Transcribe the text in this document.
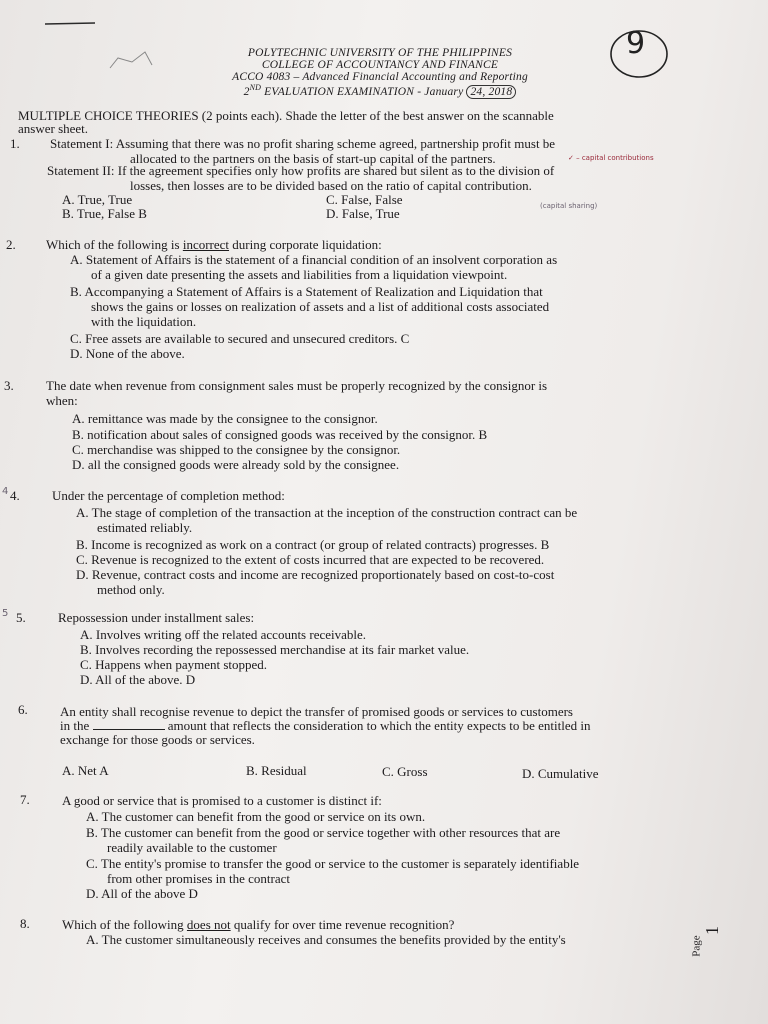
9
POLYTECHNIC UNIVERSITY OF THE PHILIPPINES
COLLEGE OF ACCOUNTANCY AND FINANCE
ACCO 4083 – Advanced Financial Accounting and Reporting
2ND EVALUATION EXAMINATION - January 24, 2018
MULTIPLE CHOICE THEORIES (2 points each). Shade the letter of the best answer on the scannable
answer sheet.
1. Statement I: Assuming that there was no profit sharing scheme agreed, partnership profit must be
allocated to the partners on the basis of start-up capital of the partners.	✓ – capital contributions
Statement II: If the agreement specifies only how profits are shared but silent as to the division of
losses, then losses are to be divided based on the ratio of capital contribution.
A. True, True
B. True, False B
C. False, False
D. False, True	(capital sharing)
2. Which of the following is incorrect during corporate liquidation:
A. Statement of Affairs is the statement of a financial condition of an insolvent corporation as
of a given date presenting the assets and liabilities from a liquidation viewpoint.
B. Accompanying a Statement of Affairs is a Statement of Realization and Liquidation that
shows the gains or losses on realization of assets and a list of additional costs associated
with the liquidation.
C. Free assets are available to secured and unsecured creditors. C
D. None of the above.
3. The date when revenue from consignment sales must be properly recognized by the consignor is
when:
A. remittance was made by the consignee to the consignor.
B. notification about sales of consigned goods was received by the consignor. B
C. merchandise was shipped to the consignee by the consignor.
D. all the consigned goods were already sold by the consignee.
4. Under the percentage of completion method:
A. The stage of completion of the transaction at the inception of the construction contract can be
estimated reliably.
B. Income is recognized as work on a contract (or group of related contracts) progresses. B
C. Revenue is recognized to the extent of costs incurred that are expected to be recovered.
D. Revenue, contract costs and income are recognized proportionately based on cost-to-cost
method only.
5. Repossession under installment sales:
A. Involves writing off the related accounts receivable.
B. Involves recording the repossessed merchandise at its fair market value.
C. Happens when payment stopped.
D. All of the above. D
6. An entity shall recognise revenue to depict the transfer of promised goods or services to customers
in the	amount that reflects the consideration to which the entity expects to be entitled in
exchange for those goods or services.
A. Net A	B. Residual	C. Gross	D. Cumulative
7. A good or service that is promised to a customer is distinct if:
A. The customer can benefit from the good or service on its own.
B. The customer can benefit from the good or service together with other resources that are
readily available to the customer
C. The entity's promise to transfer the good or service to the customer is separately identifiable
from other promises in the contract
D. All of the above D
8. Which of the following does not qualify for over time revenue recognition?
A. The customer simultaneously receives and consumes the benefits provided by the entity's	Page
1
4
5
